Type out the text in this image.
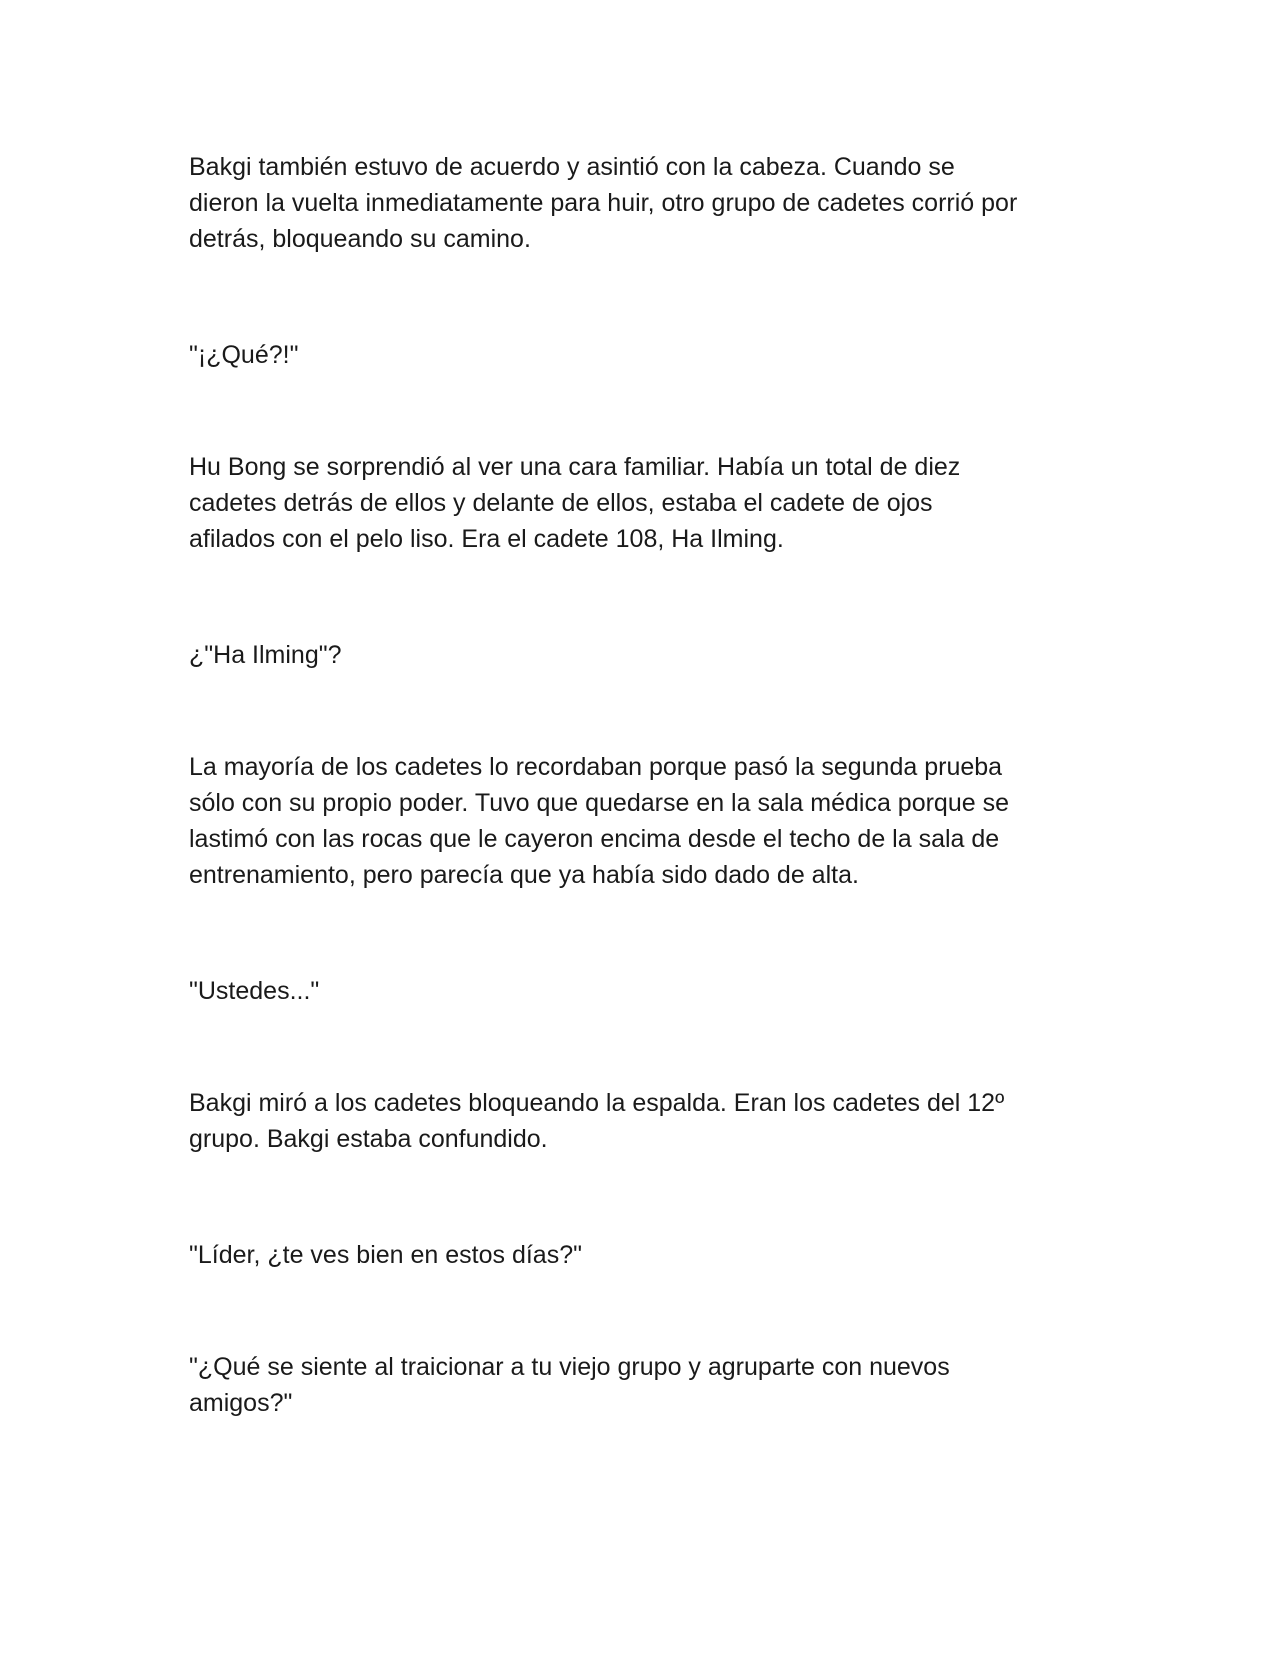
Bakgi también estuvo de acuerdo y asintió con la cabeza. Cuando se
dieron la vuelta inmediatamente para huir, otro grupo de cadetes corrió por
detrás, bloqueando su camino.

"¡¿Qué?!"

Hu Bong se sorprendió al ver una cara familiar. Había un total de diez
cadetes detrás de ellos y delante de ellos, estaba el cadete de ojos
afilados con el pelo liso. Era el cadete 108, Ha Ilming.

¿"Ha Ilming"?

La mayoría de los cadetes lo recordaban porque pasó la segunda prueba
sólo con su propio poder. Tuvo que quedarse en la sala médica porque se
lastimó con las rocas que le cayeron encima desde el techo de la sala de
entrenamiento, pero parecía que ya había sido dado de alta.

"Ustedes..."

Bakgi miró a los cadetes bloqueando la espalda. Eran los cadetes del 12º
grupo. Bakgi estaba confundido.

"Líder, ¿te ves bien en estos días?"

"¿Qué se siente al traicionar a tu viejo grupo y agruparte con nuevos
amigos?"
